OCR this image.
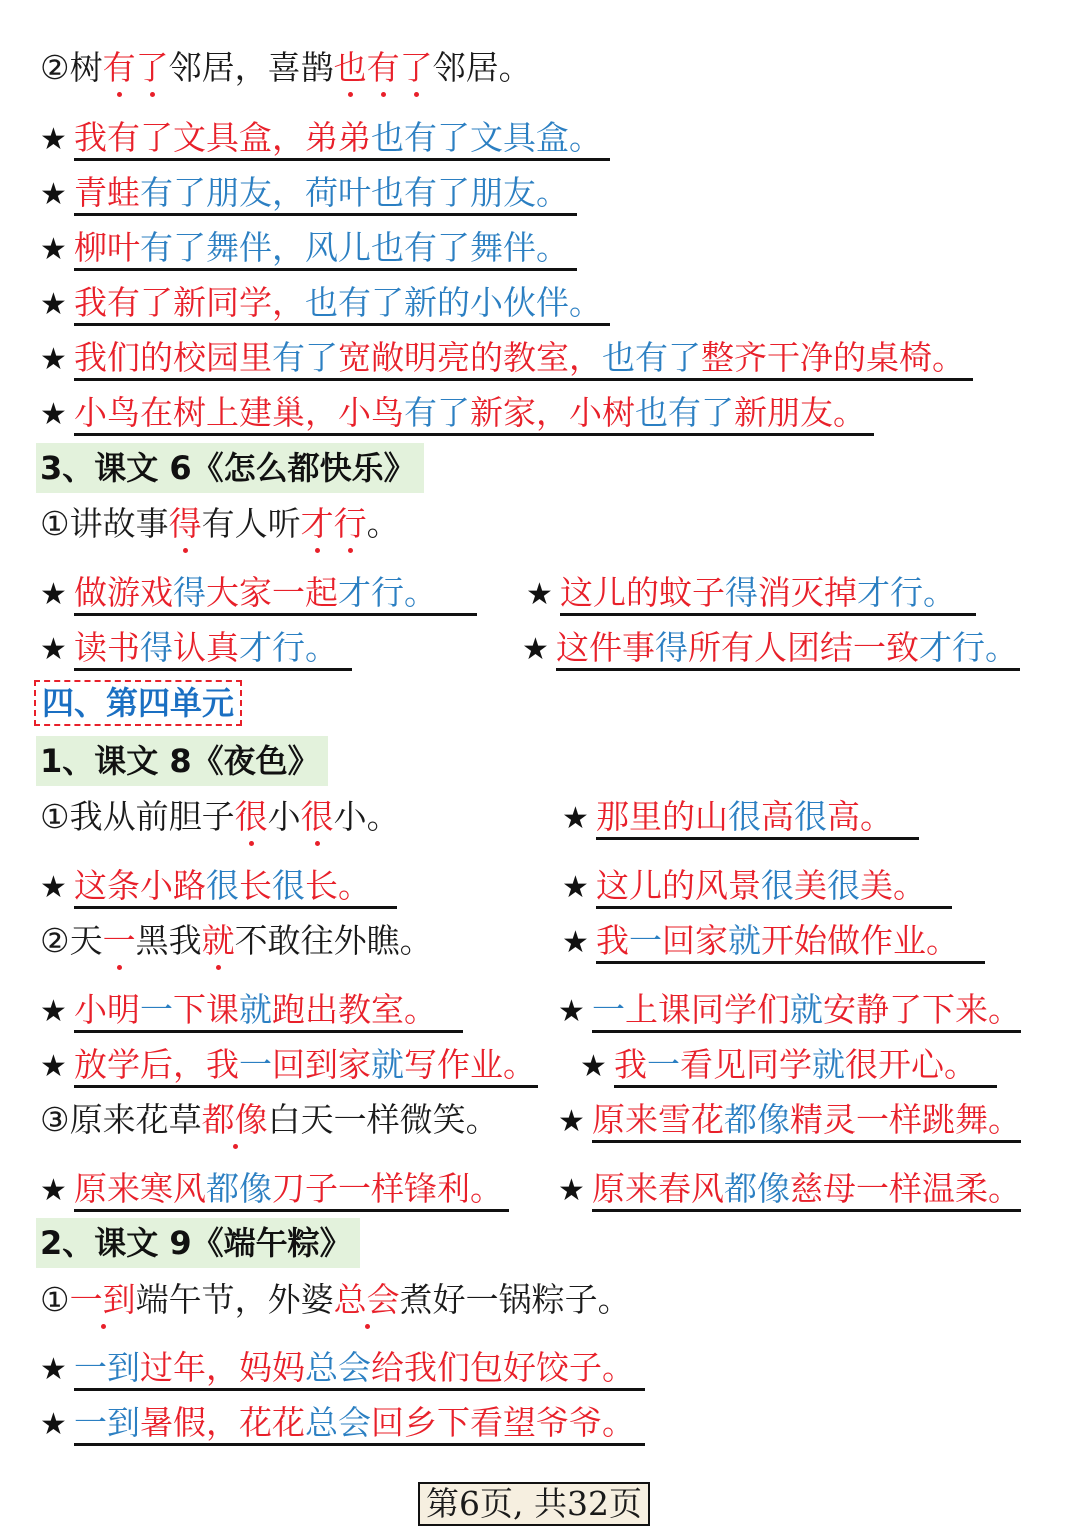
②树有了邻居，喜鹊也有了邻居。
★ 我有了文具盒，弟弟也有了文具盒。
★ 青蛙有了朋友，荷叶也有了朋友。
★ 柳叶有了舞伴，风儿也有了舞伴。
★ 我有了新同学，也有了新的小伙伴。
★ 我们的校园里有了宽敞明亮的教室，也有了整齐干净的桌椅。
★ 小鸟在树上建巢，小鸟有了新家，小树也有了新朋友。
3、课文 6《怎么都快乐》
①讲故事得有人听才行。
★ 做游戏得大家一起才行。	★ 这儿的蚊子得消灭掉才行。
★ 读书得认真才行。	★ 这件事得所有人团结一致才行。
四、第四单元
1、课文 8《夜色》
①我从前胆子很小很小。	★ 那里的山很高很高。
★ 这条小路很长很长。	★ 这儿的风景很美很美。
②天一黑我就不敢往外瞧。	★ 我一回家就开始做作业。
★ 小明一下课就跑出教室。	★ 一上课同学们就安静了下来。
★ 放学后，我一回到家就写作业。 ★ 我一看见同学就很开心。
③原来花草都像白天一样微笑。 ★ 原来雪花都像精灵一样跳舞。
★ 原来寒风都像刀子一样锋利。 ★ 原来春风都像慈母一样温柔。
2、课文 9《端午粽》
①一到端午节，外婆总会煮好一锅粽子。
★ 一到过年，妈妈总会给我们包好饺子。
★ 一到暑假，花花总会回乡下看望爷爷。
第6页, 共32页
